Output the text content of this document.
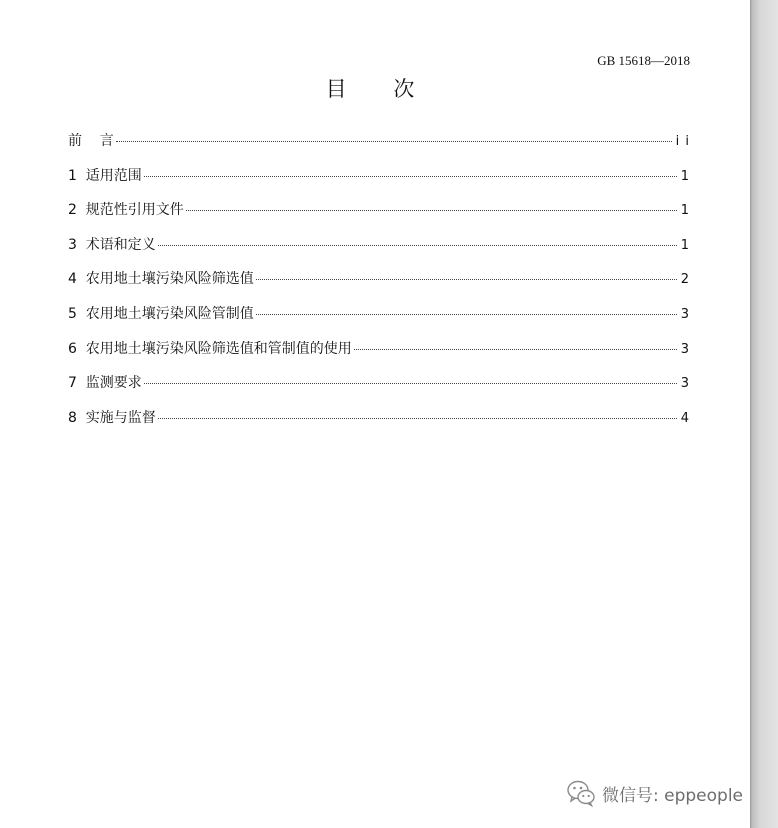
GB 15618—2018
目 次
前    言	i i
1  适用范围	1
2  规范性引用文件	1
3  术语和定义	1
4  农用地土壤污染风险筛选值	2
5  农用地土壤污染风险管制值	3
6  农用地土壤污染风险筛选值和管制值的使用	3
7  监测要求	3
8  实施与监督	4
微信号: eppeople
